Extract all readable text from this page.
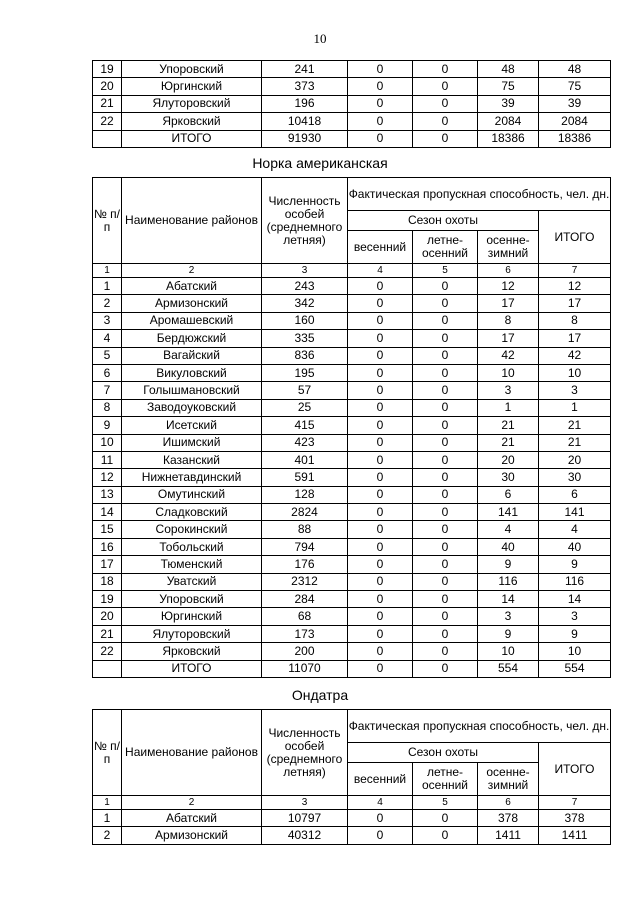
10
19	Упоровский	241	0	0	48	48
20	Юргинский	373	0	0	75	75
21	Ялуторовский	196	0	0	39	39
22	Ярковский	10418	0	0	2084	2084
	ИТОГО	91930	0	0	18386	18386
Норка американская
№ п/п	Наименование районов	Численность особей (среднемного летняя)	Фактическая пропускная способность, чел. дн.			
			Сезон охоты			ИТОГО
			весенний	летне-осенний	осенне-зимний	
1	2	3	4	5	6	7
1	Абатский	243	0	0	12	12
2	Армизонский	342	0	0	17	17
3	Аромашевский	160	0	0	8	8
4	Бердюжский	335	0	0	17	17
5	Вагайский	836	0	0	42	42
6	Викуловский	195	0	0	10	10
7	Голышмановский	57	0	0	3	3
8	Заводоуковский	25	0	0	1	1
9	Исетский	415	0	0	21	21
10	Ишимский	423	0	0	21	21
11	Казанский	401	0	0	20	20
12	Нижнетавдинский	591	0	0	30	30
13	Омутинский	128	0	0	6	6
14	Сладковский	2824	0	0	141	141
15	Сорокинский	88	0	0	4	4
16	Тобольский	794	0	0	40	40
17	Тюменский	176	0	0	9	9
18	Уватский	2312	0	0	116	116
19	Упоровский	284	0	0	14	14
20	Юргинский	68	0	0	3	3
21	Ялуторовский	173	0	0	9	9
22	Ярковский	200	0	0	10	10
	ИТОГО	11070	0	0	554	554
Ондатра
№ п/п	Наименование районов	Численность особей (среднемного летняя)	Фактическая пропускная способность, чел. дн.			
			Сезон охоты			ИТОГО
			весенний	летне-осенний	осенне-зимний	
1	2	3	4	5	6	7
1	Абатский	10797	0	0	378	378
2	Армизонский	40312	0	0	1411	1411
